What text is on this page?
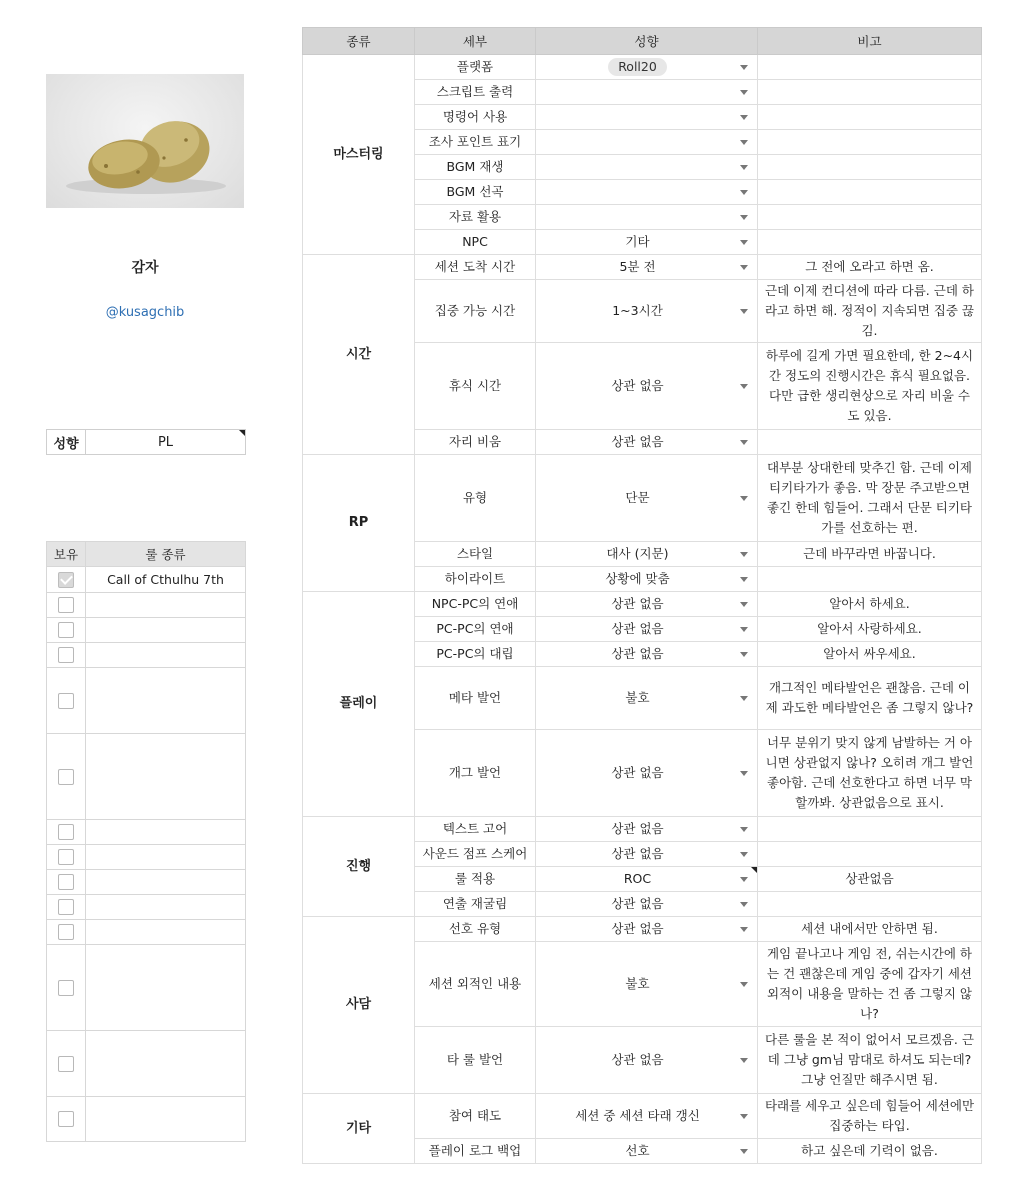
감자
@kusagchib
성향	PL
보유	룰 종류
	Call of Cthulhu 7th

종류	세부	성향	비고
마스터링	플랫폼	Roll20

	스크립트 출력	

	명령어 사용	

	조사 포인트 표기	

	BGM 재생	

	BGM 선곡	

	자료 활용	

	NPC	기타

시간	세션 도착 시간	5분 전	그 전에 오라고 하면 옴.
	집중 가능 시간	1~3시간	근데 이제 컨디션에 따라 다름. 근데 하라고 하면 해. 정적이 지속되면 집중 끊김.
	휴식 시간	상관 없음	하루에 길게 가면 필요한데, 한 2~4시간 정도의 진행시간은 휴식 필요없음. 다만 급한 생리현상으로 자리 비울 수도 있음.
	자리 비움	상관 없음

RP	유형	단문	대부분 상대한테 맞추긴 함. 근데 이제 티키타가가 좋음. 막 장문 주고받으면 좋긴 한데 힘들어. 그래서 단문 티키타가를 선호하는 편.
	스타일	대사 (지문)	근데 바꾸라면 바꿉니다.
	하이라이트	상황에 맞춤

플레이	NPC-PC의 연애	상관 없음	알아서 하세요.
	PC-PC의 연애	상관 없음	알아서 사랑하세요.
	PC-PC의 대립	상관 없음	알아서 싸우세요.
	메타 발언	불호	개그적인 메타발언은 괜찮음. 근데 이제 과도한 메타발언은 좀 그렇지 않나?
	개그 발언	상관 없음	너무 분위기 맞지 않게 남발하는 거 아니면 상관없지 않나? 오히려 개그 발언 좋아함. 근데 선호한다고 하면 너무 막 할까봐. 상관없음으로 표시.
진행	텍스트 고어	상관 없음

	사운드 점프 스케어	상관 없음

	룰 적용	ROC	상관없음
	연출 재굴림	상관 없음

사담	선호 유형	상관 없음	세션 내에서만 안하면 됨.
	세션 외적인 내용	불호	게임 끝나고나 게임 전, 쉬는시간에 하는 건 괜찮은데 게임 중에 갑자기 세션 외적이 내용을 말하는 건 좀 그렇지 않나?
	타 룰 발언	상관 없음	다른 룰을 본 적이 없어서 모르겠음. 근데 그냥 gm님 맘대로 하셔도 되는데? 그냥 언질만 해주시면 됨.
기타	참여 태도	세션 중 세션 타래 갱신	타래를 세우고 싶은데 힘들어 세션에만 집중하는 타입.
	플레이 로그 백업	선호	하고 싶은데 기력이 없음.
